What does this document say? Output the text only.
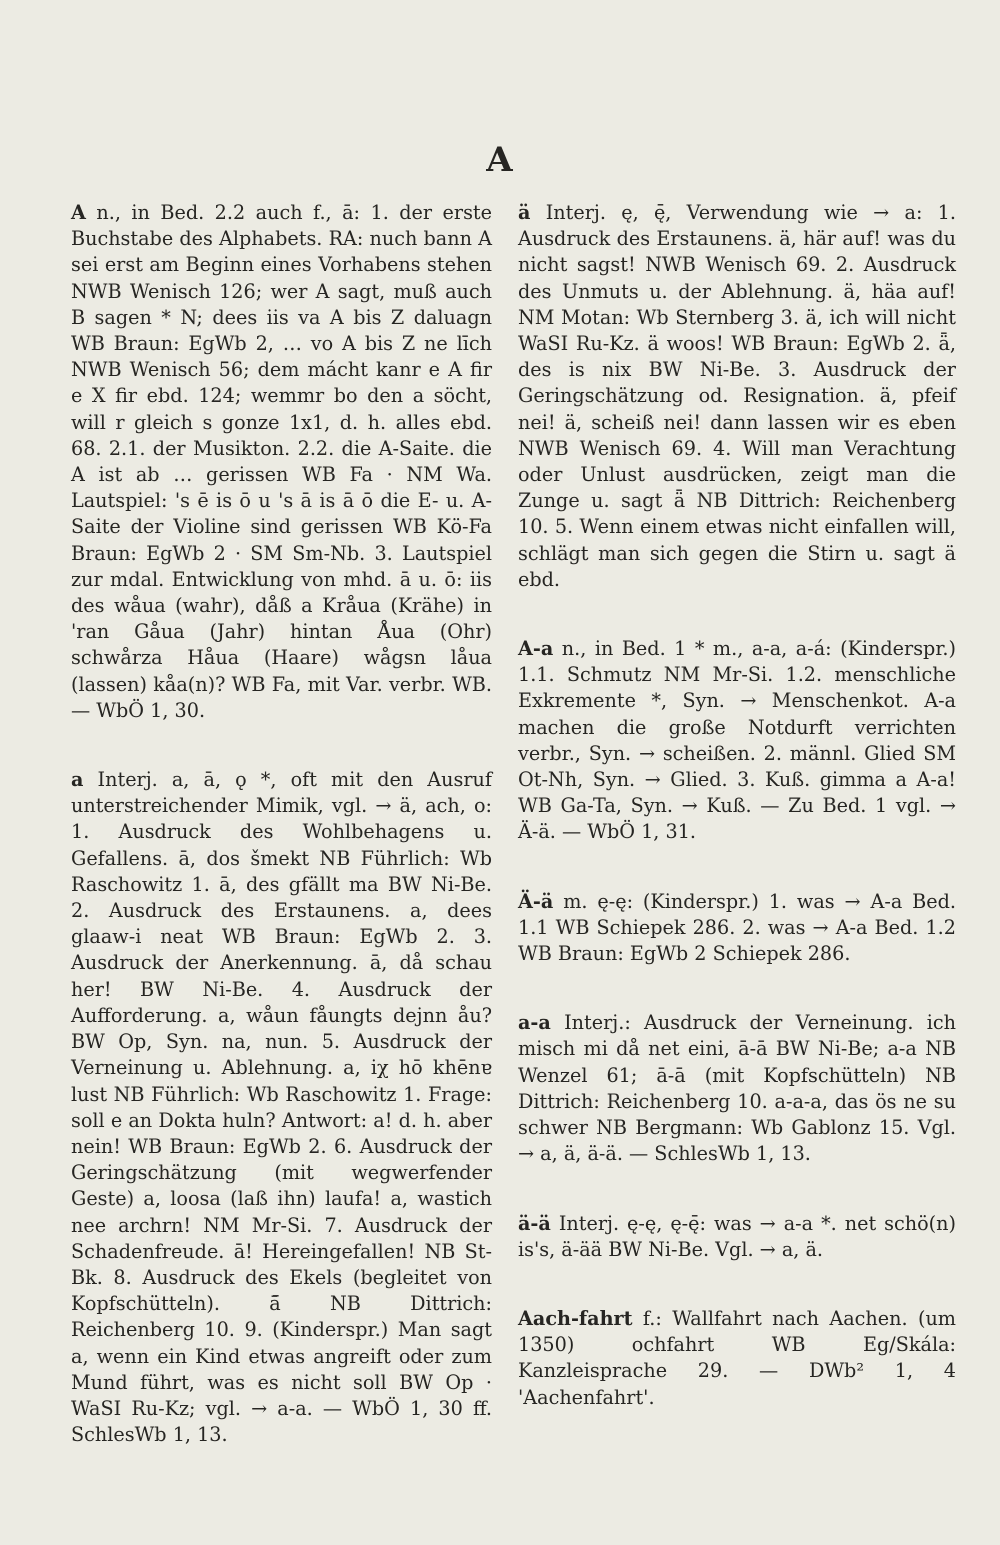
A

A n., in Bed. 2.2 auch f., ā: 1. der erste Buchstabe des Alphabets. RA: nuch bann A sei erst am Beginn eines Vorhabens stehen NWB Wenisch 126; wer A sagt, muß auch B sagen * N; dees iis va A bis Z daluagn WB Braun: EgWb 2, … vo A bis Z ne līch NWB Wenisch 56; dem mácht kanr e A fir e X fir ebd. 124; wemmr bo den a söcht, will r gleich s gonze 1x1, d. h. alles ebd. 68. 2.1. der Musikton. 2.2. die A-Saite. die A ist ab … gerissen WB Fa · NM Wa. Lautspiel: 's ē is ō u 's ā is ā ō die E- u. A-Saite der Violine sind gerissen WB Kö-Fa Braun: EgWb 2 · SM Sm-Nb. 3. Lautspiel zur mdal. Entwicklung von mhd. ā u. ō: iis des wåua (wahr), dåß a Kråua (Krähe) in 'ran Gåua (Jahr) hintan Åua (Ohr) schwårza Håua (Haare) wågsn låua (lassen) kåa(n)? WB Fa, mit Var. verbr. WB. — WbÖ 1, 30.

a Interj. a, ā, ǫ *, oft mit den Ausruf unterstreichender Mimik, vgl. → ä, ach, o: 1. Ausdruck des Wohlbehagens u. Gefallens. ā, dos šmekt NB Führlich: Wb Raschowitz 1. ā, des gfällt ma BW Ni-Be. 2. Ausdruck des Erstaunens. a, dees glaaw-i neat WB Braun: EgWb 2. 3. Ausdruck der Anerkennung. ā, då schau her! BW Ni-Be. 4. Ausdruck der Aufforderung. a, wåun fåungts dejnn åu? BW Op, Syn. na, nun. 5. Ausdruck der Verneinung u. Ablehnung. a, iχ hō khēnɐ lust NB Führlich: Wb Raschowitz 1. Frage: soll e an Dokta huln? Antwort: a! d. h. aber nein! WB Braun: EgWb 2. 6. Ausdruck der Geringschätzung (mit wegwerfender Geste) a, loosa (laß ihn) laufa! a, wastich nee archrn! NM Mr-Si. 7. Ausdruck der Schadenfreude. ā! Hereingefallen! NB St-Bk. 8. Ausdruck des Ekels (begleitet von Kopfschütteln). ā̄ NB Dittrich: Reichenberg 10. 9. (Kinderspr.) Man sagt a, wenn ein Kind etwas angreift oder zum Mund führt, was es nicht soll BW Op · WaSI Ru-Kz; vgl. → a-a. — WbÖ 1, 30 ff. SchlesWb 1, 13.

ä Interj. ę, ę̄, Verwendung wie → a: 1. Ausdruck des Erstaunens. ä, här auf! was du nicht sagst! NWB Wenisch 69. 2. Ausdruck des Unmuts u. der Ablehnung. ä, häa auf! NM Motan: Wb Sternberg 3. ä, ich will nicht WaSI Ru-Kz. ä woos! WB Braun: EgWb 2. ǟ, des is nix BW Ni-Be. 3. Ausdruck der Geringschätzung od. Resignation. ä, pfeif nei! ä, scheiß nei! dann lassen wir es eben NWB Wenisch 69. 4. Will man Verachtung oder Unlust ausdrücken, zeigt man die Zunge u. sagt ǟ NB Dittrich: Reichenberg 10. 5. Wenn einem etwas nicht einfallen will, schlägt man sich gegen die Stirn u. sagt ä ebd.

A-a n., in Bed. 1 * m., a-a, a-á: (Kinderspr.) 1.1. Schmutz NM Mr-Si. 1.2. menschliche Exkremente *, Syn. → Menschenkot. A-a machen die große Notdurft verrichten verbr., Syn. → scheißen. 2. männl. Glied SM Ot-Nh, Syn. → Glied. 3. Kuß. gimma a A-a! WB Ga-Ta, Syn. → Kuß. — Zu Bed. 1 vgl. → Ä-ä. — WbÖ 1, 31.

Ä-ä m. ę-ę: (Kinderspr.) 1. was → A-a Bed. 1.1 WB Schiepek 286. 2. was → A-a Bed. 1.2 WB Braun: EgWb 2 Schiepek 286.

a-a Interj.: Ausdruck der Verneinung. ich misch mi då net eini, ā-ā BW Ni-Be; a-a NB Wenzel 61; ā-ā (mit Kopfschütteln) NB Dittrich: Reichenberg 10. a-a-a, das ös ne su schwer NB Bergmann: Wb Gablonz 15. Vgl. → a, ä, ä-ä. — SchlesWb 1, 13.

ä-ä Interj. ę-ę, ę-ę̄: was → a-a *. net schö(n) is's, ä-ää BW Ni-Be. Vgl. → a, ä.

Aach-fahrt f.: Wallfahrt nach Aachen. (um 1350) ochfahrt WB Eg/Skála: Kanzleisprache 29. — DWb² 1, 4 'Aachenfahrt'.
